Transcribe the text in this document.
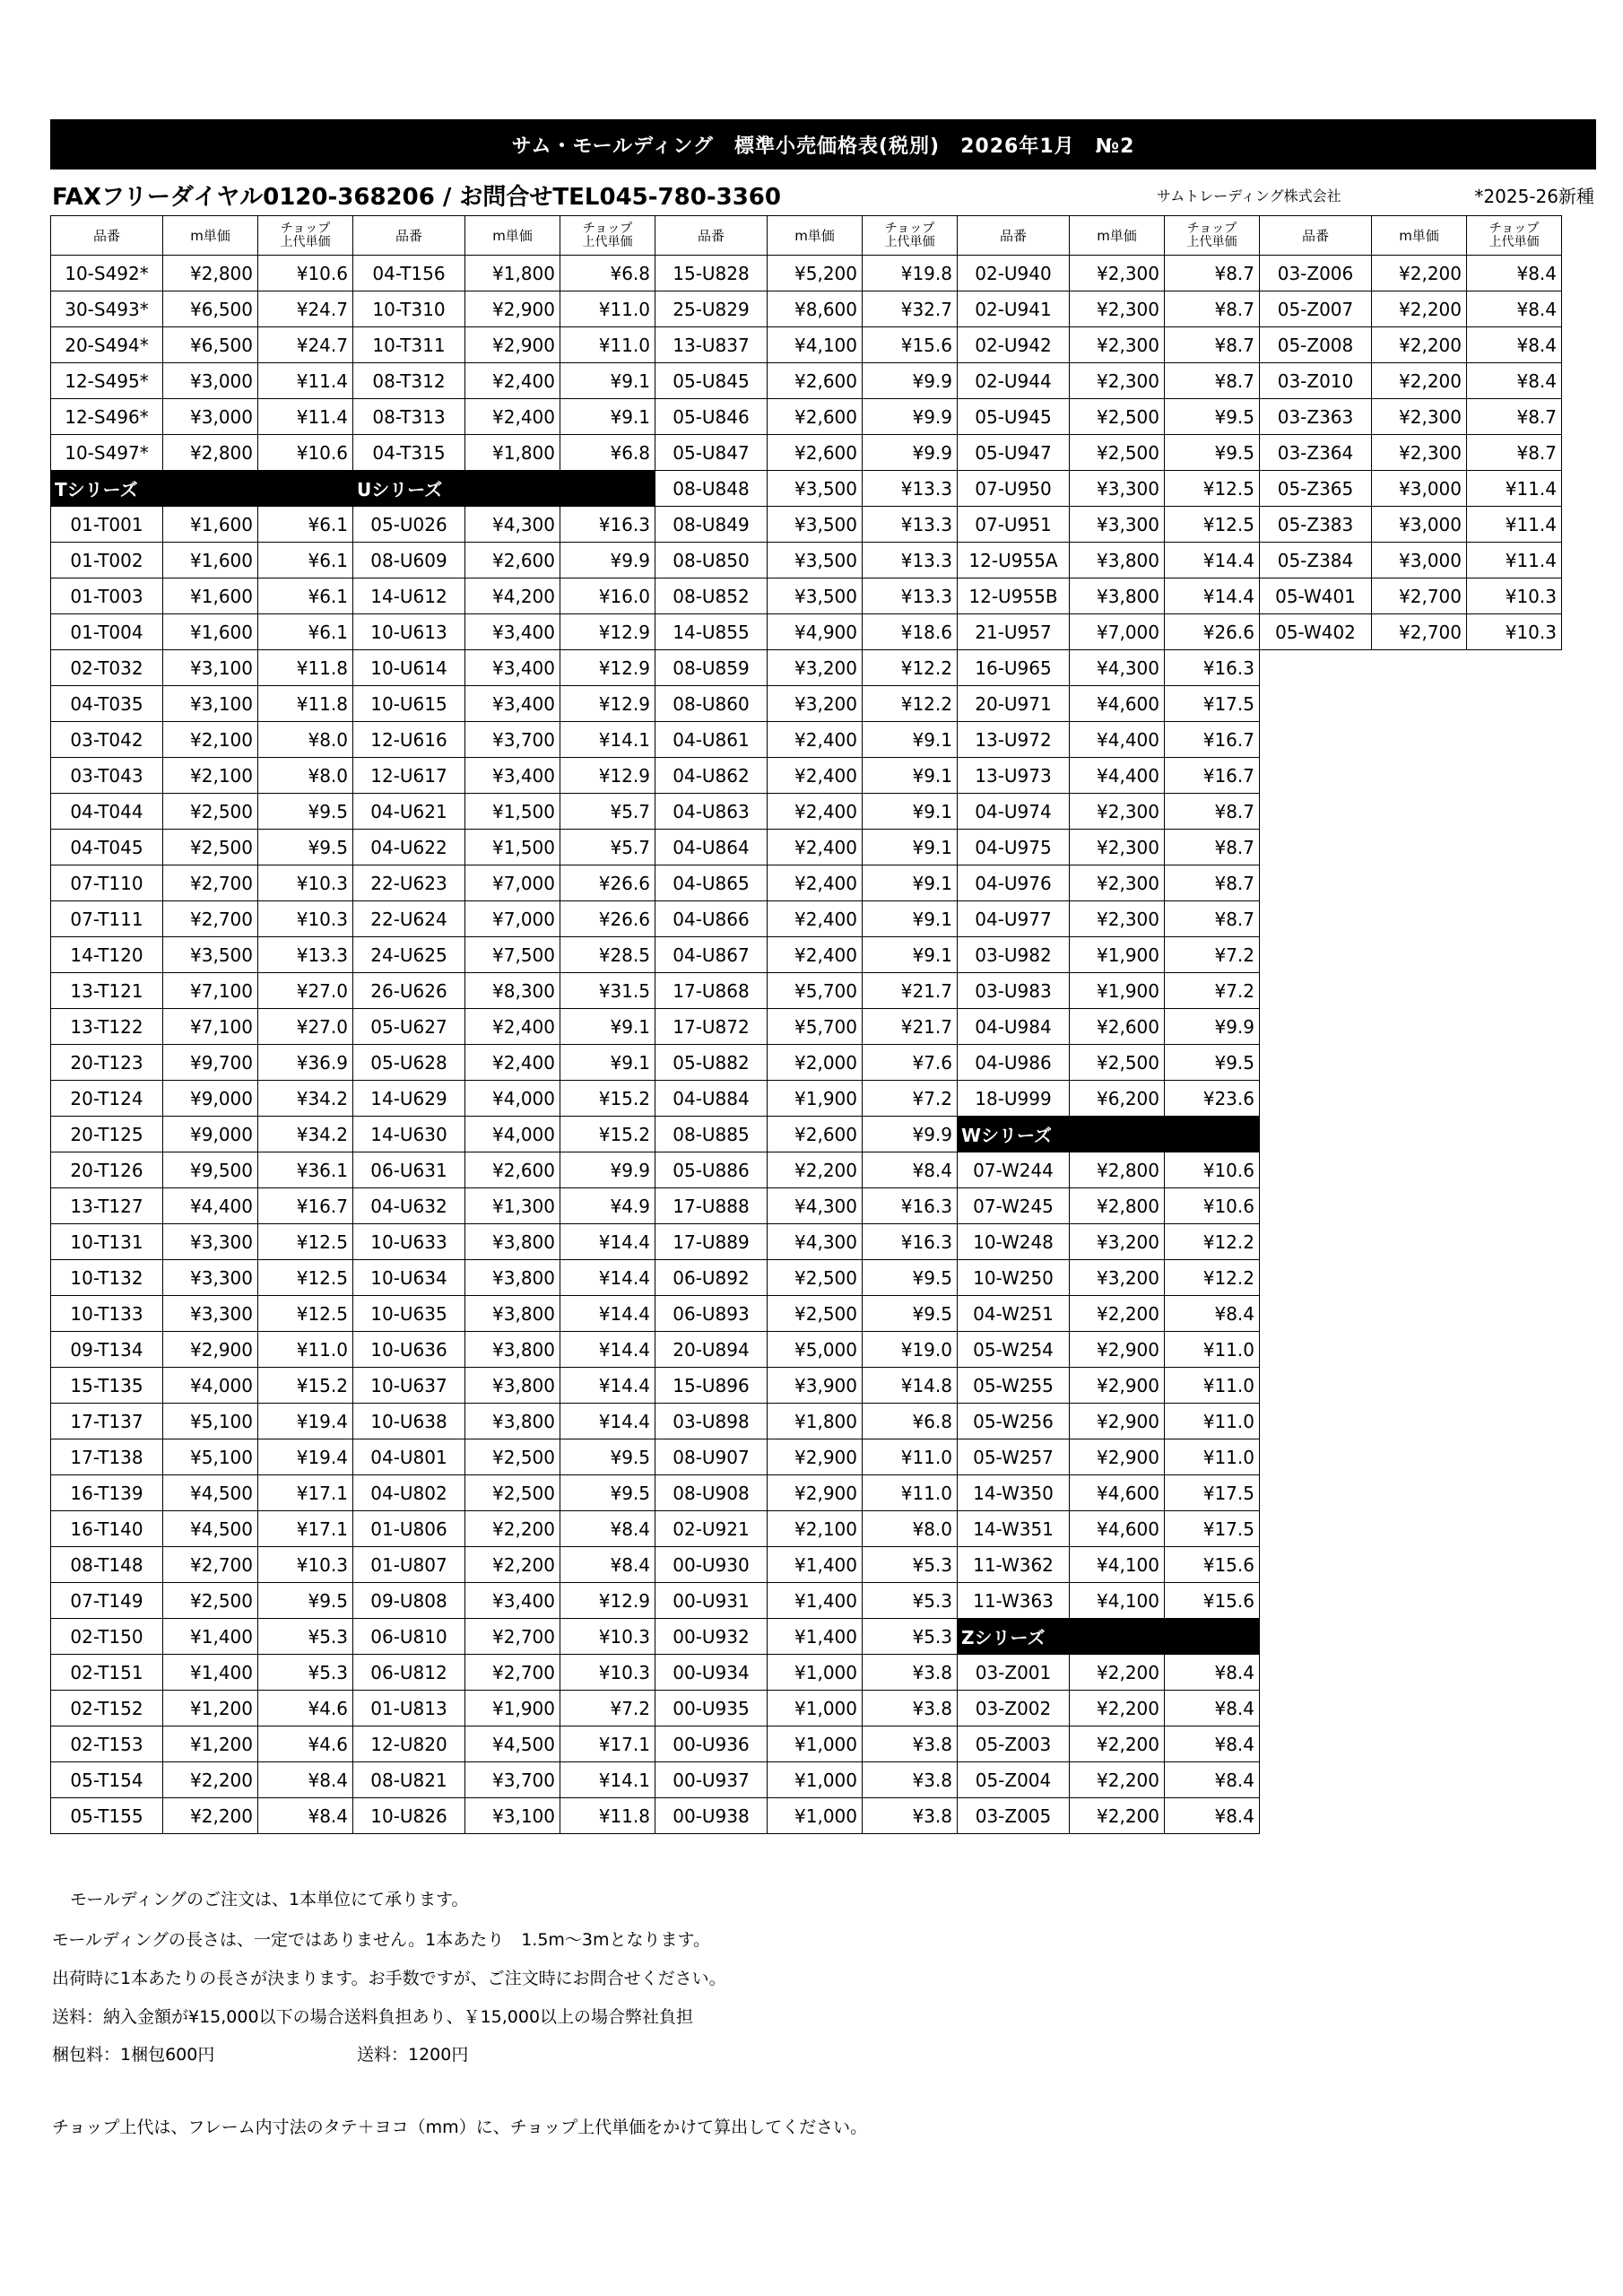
サム・モールディング　標準小売価格表(税別)　2026年1月　№2
FAXフリーダイヤル0120-368206 / お問合せTEL045-780-3360	サムトレーディング株式会社	*2025-26新種
品番	m単価	チョップ
上代単価
10-S492*	¥2,800	¥10.6
30-S493*	¥6,500	¥24.7
20-S494*	¥6,500	¥24.7
12-S495*	¥3,000	¥11.4
12-S496*	¥3,000	¥11.4
10-S497*	¥2,800	¥10.6
Tシリーズ		
01-T001	¥1,600	¥6.1
01-T002	¥1,600	¥6.1
01-T003	¥1,600	¥6.1
01-T004	¥1,600	¥6.1
02-T032	¥3,100	¥11.8
04-T035	¥3,100	¥11.8
03-T042	¥2,100	¥8.0
03-T043	¥2,100	¥8.0
04-T044	¥2,500	¥9.5
04-T045	¥2,500	¥9.5
07-T110	¥2,700	¥10.3
07-T111	¥2,700	¥10.3
14-T120	¥3,500	¥13.3
13-T121	¥7,100	¥27.0
13-T122	¥7,100	¥27.0
20-T123	¥9,700	¥36.9
20-T124	¥9,000	¥34.2
20-T125	¥9,000	¥34.2
20-T126	¥9,500	¥36.1
13-T127	¥4,400	¥16.7
10-T131	¥3,300	¥12.5
10-T132	¥3,300	¥12.5
10-T133	¥3,300	¥12.5
09-T134	¥2,900	¥11.0
15-T135	¥4,000	¥15.2
17-T137	¥5,100	¥19.4
17-T138	¥5,100	¥19.4
16-T139	¥4,500	¥17.1
16-T140	¥4,500	¥17.1
08-T148	¥2,700	¥10.3
07-T149	¥2,500	¥9.5
02-T150	¥1,400	¥5.3
02-T151	¥1,400	¥5.3
02-T152	¥1,200	¥4.6
02-T153	¥1,200	¥4.6
05-T154	¥2,200	¥8.4
05-T155	¥2,200	¥8.4
品番	m単価	チョップ
上代単価
04-T156	¥1,800	¥6.8
10-T310	¥2,900	¥11.0
10-T311	¥2,900	¥11.0
08-T312	¥2,400	¥9.1
08-T313	¥2,400	¥9.1
04-T315	¥1,800	¥6.8
Uシリーズ		
05-U026	¥4,300	¥16.3
08-U609	¥2,600	¥9.9
14-U612	¥4,200	¥16.0
10-U613	¥3,400	¥12.9
10-U614	¥3,400	¥12.9
10-U615	¥3,400	¥12.9
12-U616	¥3,700	¥14.1
12-U617	¥3,400	¥12.9
04-U621	¥1,500	¥5.7
04-U622	¥1,500	¥5.7
22-U623	¥7,000	¥26.6
22-U624	¥7,000	¥26.6
24-U625	¥7,500	¥28.5
26-U626	¥8,300	¥31.5
05-U627	¥2,400	¥9.1
05-U628	¥2,400	¥9.1
14-U629	¥4,000	¥15.2
14-U630	¥4,000	¥15.2
06-U631	¥2,600	¥9.9
04-U632	¥1,300	¥4.9
10-U633	¥3,800	¥14.4
10-U634	¥3,800	¥14.4
10-U635	¥3,800	¥14.4
10-U636	¥3,800	¥14.4
10-U637	¥3,800	¥14.4
10-U638	¥3,800	¥14.4
04-U801	¥2,500	¥9.5
04-U802	¥2,500	¥9.5
01-U806	¥2,200	¥8.4
01-U807	¥2,200	¥8.4
09-U808	¥3,400	¥12.9
06-U810	¥2,700	¥10.3
06-U812	¥2,700	¥10.3
01-U813	¥1,900	¥7.2
12-U820	¥4,500	¥17.1
08-U821	¥3,700	¥14.1
10-U826	¥3,100	¥11.8
品番	m単価	チョップ
上代単価
15-U828	¥5,200	¥19.8
25-U829	¥8,600	¥32.7
13-U837	¥4,100	¥15.6
05-U845	¥2,600	¥9.9
05-U846	¥2,600	¥9.9
05-U847	¥2,600	¥9.9
08-U848	¥3,500	¥13.3
08-U849	¥3,500	¥13.3
08-U850	¥3,500	¥13.3
08-U852	¥3,500	¥13.3
14-U855	¥4,900	¥18.6
08-U859	¥3,200	¥12.2
08-U860	¥3,200	¥12.2
04-U861	¥2,400	¥9.1
04-U862	¥2,400	¥9.1
04-U863	¥2,400	¥9.1
04-U864	¥2,400	¥9.1
04-U865	¥2,400	¥9.1
04-U866	¥2,400	¥9.1
04-U867	¥2,400	¥9.1
17-U868	¥5,700	¥21.7
17-U872	¥5,700	¥21.7
05-U882	¥2,000	¥7.6
04-U884	¥1,900	¥7.2
08-U885	¥2,600	¥9.9
05-U886	¥2,200	¥8.4
17-U888	¥4,300	¥16.3
17-U889	¥4,300	¥16.3
06-U892	¥2,500	¥9.5
06-U893	¥2,500	¥9.5
20-U894	¥5,000	¥19.0
15-U896	¥3,900	¥14.8
03-U898	¥1,800	¥6.8
08-U907	¥2,900	¥11.0
08-U908	¥2,900	¥11.0
02-U921	¥2,100	¥8.0
00-U930	¥1,400	¥5.3
00-U931	¥1,400	¥5.3
00-U932	¥1,400	¥5.3
00-U934	¥1,000	¥3.8
00-U935	¥1,000	¥3.8
00-U936	¥1,000	¥3.8
00-U937	¥1,000	¥3.8
00-U938	¥1,000	¥3.8
品番	m単価	チョップ
上代単価
02-U940	¥2,300	¥8.7
02-U941	¥2,300	¥8.7
02-U942	¥2,300	¥8.7
02-U944	¥2,300	¥8.7
05-U945	¥2,500	¥9.5
05-U947	¥2,500	¥9.5
07-U950	¥3,300	¥12.5
07-U951	¥3,300	¥12.5
12-U955A	¥3,800	¥14.4
12-U955B	¥3,800	¥14.4
21-U957	¥7,000	¥26.6
16-U965	¥4,300	¥16.3
20-U971	¥4,600	¥17.5
13-U972	¥4,400	¥16.7
13-U973	¥4,400	¥16.7
04-U974	¥2,300	¥8.7
04-U975	¥2,300	¥8.7
04-U976	¥2,300	¥8.7
04-U977	¥2,300	¥8.7
03-U982	¥1,900	¥7.2
03-U983	¥1,900	¥7.2
04-U984	¥2,600	¥9.9
04-U986	¥2,500	¥9.5
18-U999	¥6,200	¥23.6
Wシリーズ		
07-W244	¥2,800	¥10.6
07-W245	¥2,800	¥10.6
10-W248	¥3,200	¥12.2
10-W250	¥3,200	¥12.2
04-W251	¥2,200	¥8.4
05-W254	¥2,900	¥11.0
05-W255	¥2,900	¥11.0
05-W256	¥2,900	¥11.0
05-W257	¥2,900	¥11.0
14-W350	¥4,600	¥17.5
14-W351	¥4,600	¥17.5
11-W362	¥4,100	¥15.6
11-W363	¥4,100	¥15.6
Zシリーズ		
03-Z001	¥2,200	¥8.4
03-Z002	¥2,200	¥8.4
05-Z003	¥2,200	¥8.4
05-Z004	¥2,200	¥8.4
03-Z005	¥2,200	¥8.4
品番	m単価	チョップ
上代単価
03-Z006	¥2,200	¥8.4
05-Z007	¥2,200	¥8.4
05-Z008	¥2,200	¥8.4
03-Z010	¥2,200	¥8.4
03-Z363	¥2,300	¥8.7
03-Z364	¥2,300	¥8.7
05-Z365	¥3,000	¥11.4
05-Z383	¥3,000	¥11.4
05-Z384	¥3,000	¥11.4
05-W401	¥2,700	¥10.3
05-W402	¥2,700	¥10.3
モールディングのご注文は、1本単位にて承ります。
モールディングの長さは、一定ではありません。1本あたり　1.5m～3mとなります。
出荷時に1本あたりの長さが決まります。お手数ですが、ご注文時にお問合せください。
送料：納入金額が¥15,000以下の場合送料負担あり、￥15,000以上の場合弊社負担
梱包料：1梱包600円	送料：1200円
チョップ上代は、フレーム内寸法のタテ＋ヨコ（mm）に、チョップ上代単価をかけて算出してください。
